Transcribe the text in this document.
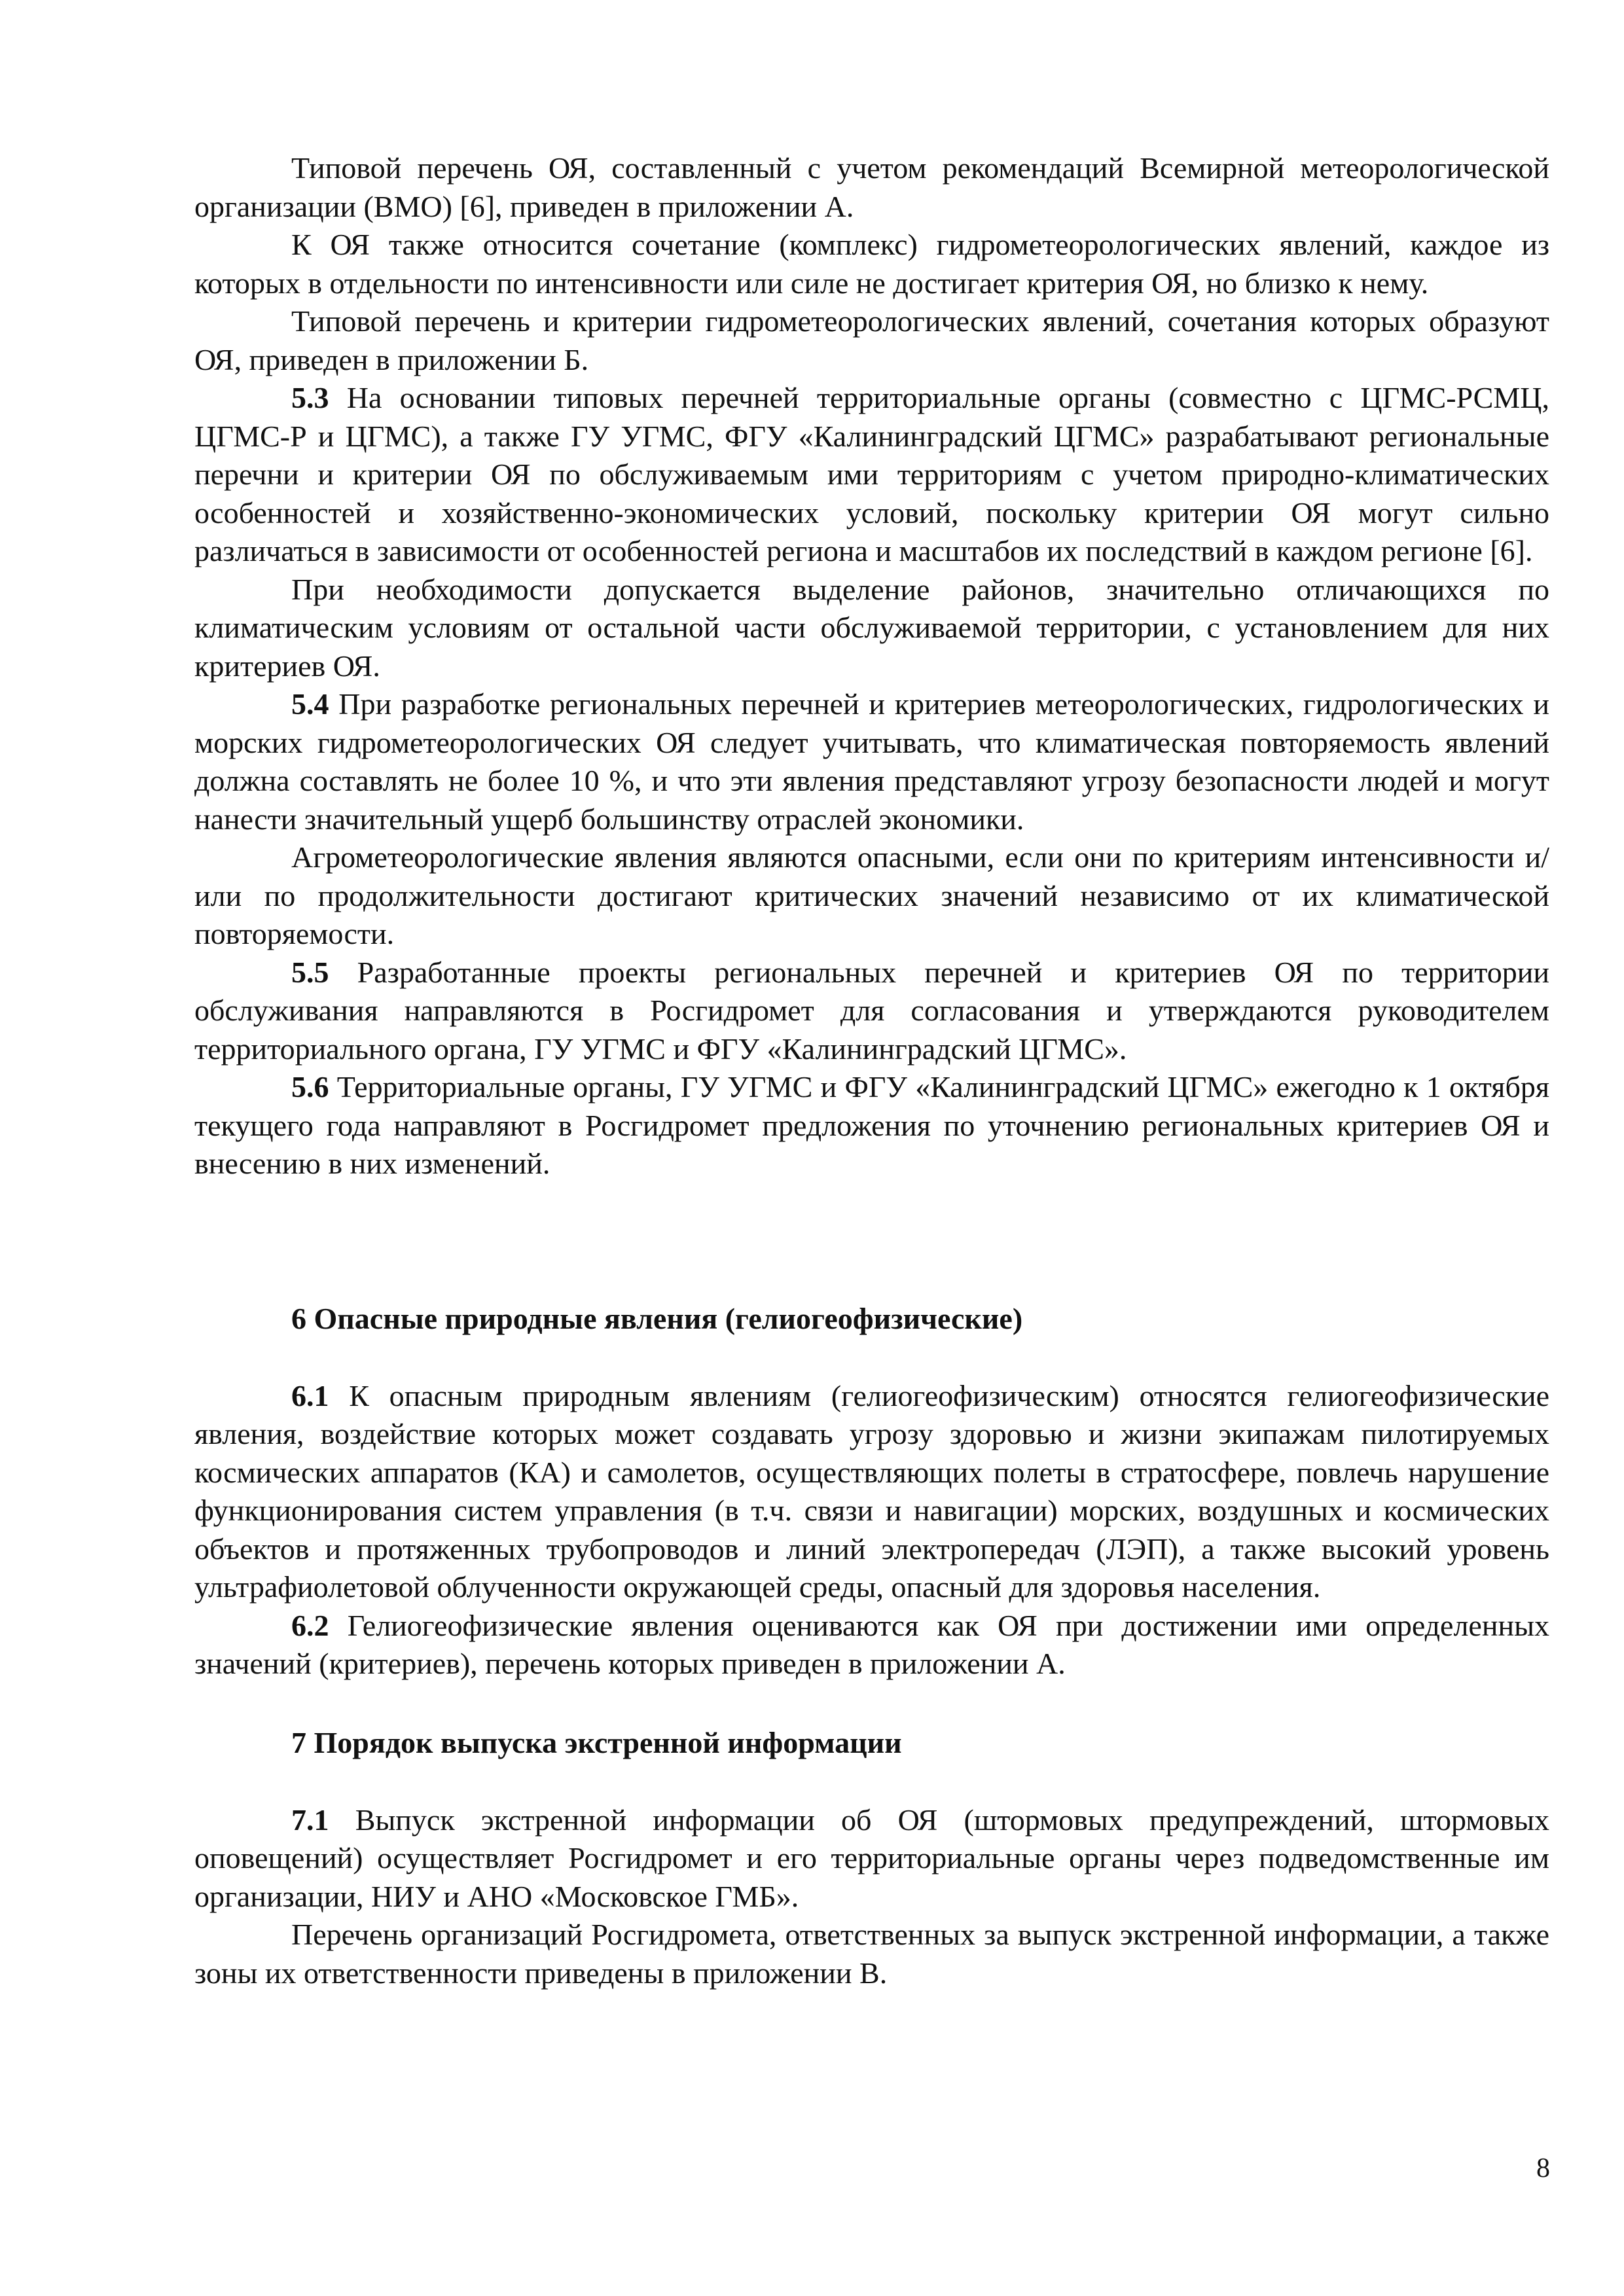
Типовой перечень ОЯ, составленный с учетом рекомендаций Всемирной метеорологической организации (ВМО) [6], приведен в приложении А.

К ОЯ также относится сочетание (комплекс) гидрометеорологических явлений, каждое из которых в отдельности по интенсивности или силе не достигает критерия ОЯ, но близко к нему.

Типовой перечень и критерии гидрометеорологических явлений, сочетания которых образуют ОЯ, приведен в приложении Б.

5.3 На основании типовых перечней территориальные органы (совместно с ЦГМС-РСМЦ, ЦГМС-Р и ЦГМС), а также ГУ УГМС, ФГУ «Калининградский ЦГМС» разрабатывают региональные перечни и критерии ОЯ по обслуживаемым ими территориям с учетом природно-климатических особенностей и хозяйственно-экономических условий, поскольку критерии ОЯ могут сильно различаться в зависимости от особенностей региона и масштабов их последствий в каждом регионе [6].

При необходимости допускается выделение районов, значительно отличающихся по климатическим условиям от остальной части обслуживаемой территории, с установлением для них критериев ОЯ.

5.4 При разработке региональных перечней и критериев метеорологических, гидрологических и морских гидрометеорологических ОЯ следует учитывать, что климатическая повторяемость явлений должна составлять не более 10 %, и что эти явления представляют угрозу безопасности людей и могут нанести значительный ущерб большинству отраслей экономики.

Агрометеорологические явления являются опасными, если они по критериям интенсивности и/или по продолжительности достигают критических значений независимо от их климатической повторяемости.

5.5 Разработанные проекты региональных перечней и критериев ОЯ по территории обслуживания направляются в Росгидромет для согласования и утверждаются руководителем территориального органа, ГУ УГМС и ФГУ «Калининградский ЦГМС».

5.6 Территориальные органы, ГУ УГМС и ФГУ «Калининградский ЦГМС» ежегодно к 1 октября текущего года направляют в Росгидромет предложения по уточнению региональных критериев ОЯ и внесению в них изменений.

6 Опасные природные явления (гелиогеофизические)

6.1 К опасным природным явлениям (гелиогеофизическим) относятся гелиогеофизические явления, воздействие которых может создавать угрозу здоровью и жизни экипажам пилотируемых космических аппаратов (КА) и самолетов, осуществляющих полеты в стратосфере, повлечь нарушение функционирования систем управления (в т.ч. связи и навигации) морских, воздушных и космических объектов и протяженных трубопроводов и линий электропередач (ЛЭП), а также высокий уровень ультрафиолетовой облученности окружающей среды, опасный для здоровья населения.

6.2 Гелиогеофизические явления оцениваются как ОЯ при достижении ими определенных значений (критериев), перечень которых приведен в приложении А.

7 Порядок выпуска экстренной информации

7.1 Выпуск экстренной информации об ОЯ (штормовых предупреждений, штормовых оповещений) осуществляет Росгидромет и его территориальные органы через подведомственные им организации, НИУ и АНО «Московское ГМБ».

Перечень организаций Росгидромета, ответственных за выпуск экстренной информации, а также зоны их ответственности приведены в приложении В.

8
